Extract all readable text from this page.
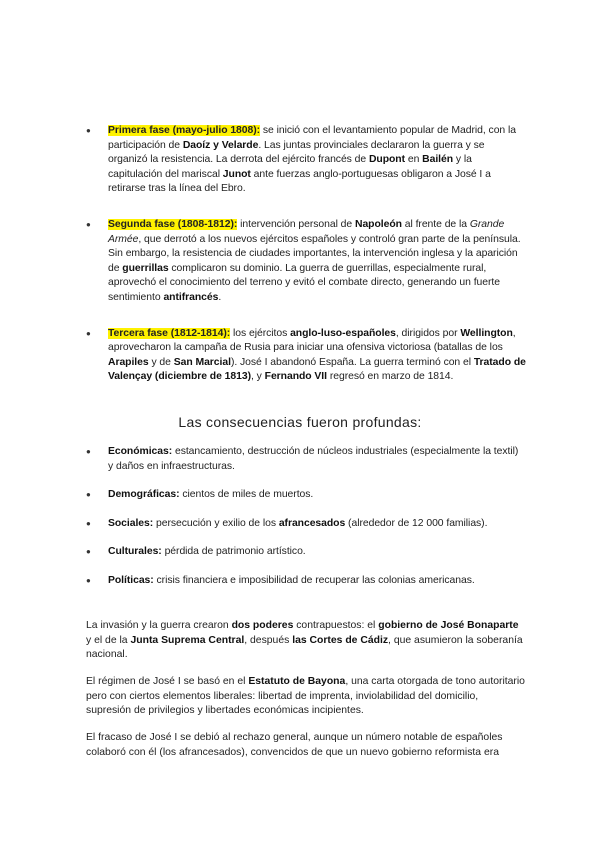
● Primera fase (mayo-julio 1808): se inició con el levantamiento popular de Madrid, con la participación de Daoíz y Velarde. Las juntas provinciales declararon la guerra y se organizó la resistencia. La derrota del ejército francés de Dupont en Bailén y la capitulación del mariscal Junot ante fuerzas anglo-portuguesas obligaron a José I a retirarse tras la línea del Ebro.
● Segunda fase (1808-1812): intervención personal de Napoleón al frente de la Grande Armée, que derrotó a los nuevos ejércitos españoles y controló gran parte de la península. Sin embargo, la resistencia de ciudades importantes, la intervención inglesa y la aparición de guerrillas complicaron su dominio. La guerra de guerrillas, especialmente rural, aprovechó el conocimiento del terreno y evitó el combate directo, generando un fuerte sentimiento antifrancés.
● Tercera fase (1812-1814): los ejércitos anglo-luso-españoles, dirigidos por Wellington, aprovecharon la campaña de Rusia para iniciar una ofensiva victoriosa (batallas de los Arapiles y de San Marcial). José I abandonó España. La guerra terminó con el Tratado de Valençay (diciembre de 1813), y Fernando VII regresó en marzo de 1814.
Las consecuencias fueron profundas:
● Económicas: estancamiento, destrucción de núcleos industriales (especialmente la textil) y daños en infraestructuras.
● Demográficas: cientos de miles de muertos.
● Sociales: persecución y exilio de los afrancesados (alrededor de 12 000 familias).
● Culturales: pérdida de patrimonio artístico.
● Políticas: crisis financiera e imposibilidad de recuperar las colonias americanas.

La invasión y la guerra crearon dos poderes contrapuestos: el gobierno de José Bonaparte y el de la Junta Suprema Central, después las Cortes de Cádiz, que asumieron la soberanía nacional.

El régimen de José I se basó en el Estatuto de Bayona, una carta otorgada de tono autoritario pero con ciertos elementos liberales: libertad de imprenta, inviolabilidad del domicilio, supresión de privilegios y libertades económicas incipientes.

El fracaso de José I se debió al rechazo general, aunque un número notable de españoles colaboró con él (los afrancesados), convencidos de que un nuevo gobierno reformista era
